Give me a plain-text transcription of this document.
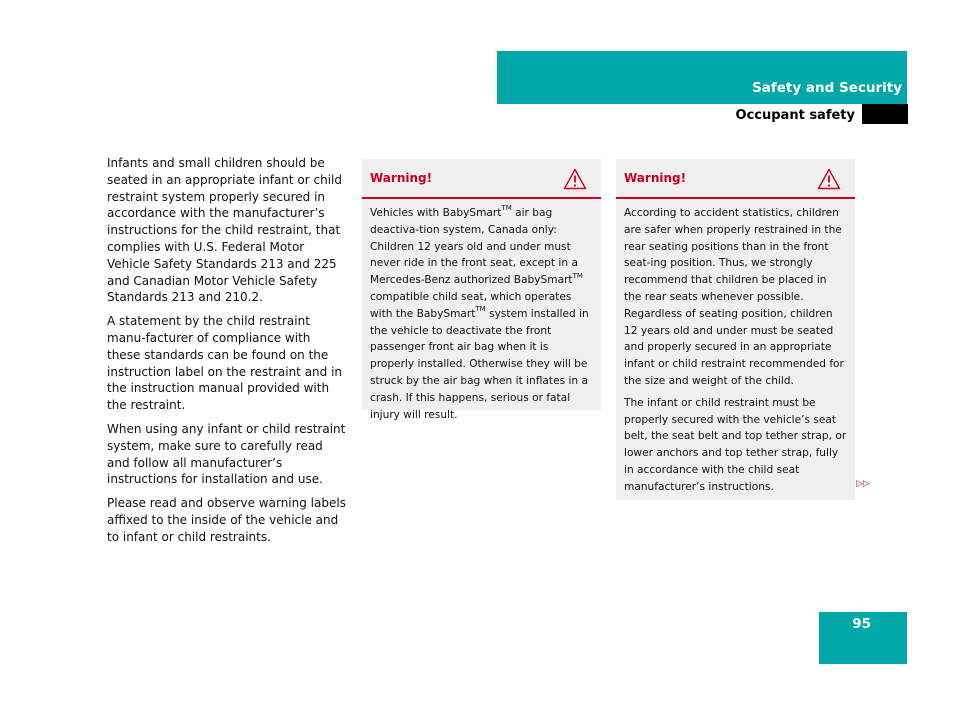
Safety and Security
Occupant safety

Infants and small children should be seated in an appropriate infant or child restraint system properly secured in accordance with the manufacturer’s instructions for the child restraint, that complies with U.S. Federal Motor Vehicle Safety Standards 213 and 225 and Canadian Motor Vehicle Safety Standards 213 and 210.2.

A statement by the child restraint manu-facturer of compliance with these standards can be found on the instruction label on the restraint and in the instruction manual provided with the restraint.

When using any infant or child restraint system, make sure to carefully read and follow all manufacturer’s instructions for installation and use.

Please read and observe warning labels affixed to the inside of the vehicle and to infant or child restraints.

Warning!

Vehicles with BabySmart™ air bag deactiva-tion system, Canada only:
Children 12 years old and under must never ride in the front seat, except in a Mercedes-Benz authorized BabySmart™ compatible child seat, which operates with the BabySmart™ system installed in the vehicle to deactivate the front passenger front air bag when it is properly installed. Otherwise they will be struck by the air bag when it inflates in a crash. If this happens, serious or fatal injury will result.

Warning!

According to accident statistics, children are safer when properly restrained in the rear seating positions than in the front seat-ing position. Thus, we strongly recommend that children be placed in the rear seats whenever possible. Regardless of seating position, children 12 years old and under must be seated and properly secured in an appropriate infant or child restraint recommended for the size and weight of the child.

The infant or child restraint must be properly secured with the vehicle’s seat belt, the seat belt and top tether strap, or lower anchors and top tether strap, fully in accordance with the child seat manufacturer’s instructions.	▷▷
95
